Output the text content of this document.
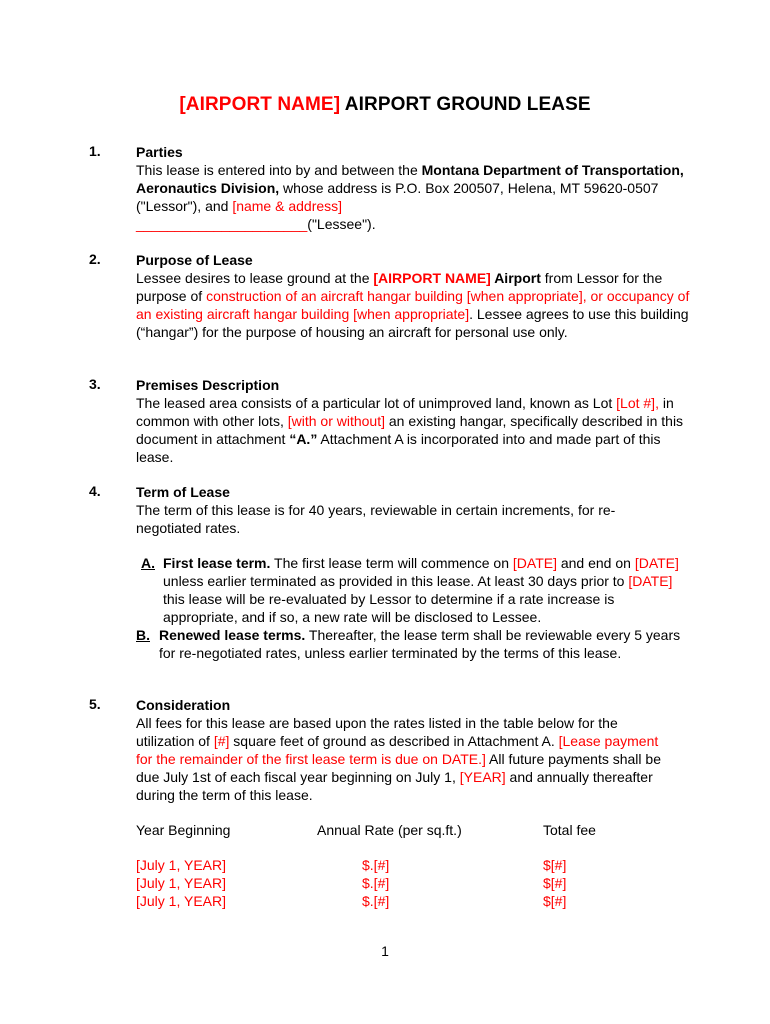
[AIRPORT NAME] AIRPORT GROUND LEASE
1.	Parties
This lease is entered into by and between the Montana Department of Transportation, Aeronautics Division, whose address is P.O. Box 200507, Helena, MT 59620-0507 ("Lessor"), and [name & address]
______________________("Lessee").
2.	Purpose of Lease
Lessee desires to lease ground at the [AIRPORT NAME] Airport from Lessor for the purpose of construction of an aircraft hangar building [when appropriate], or occupancy of an existing aircraft hangar building [when appropriate]. Lessee agrees to use this building (“hangar”) for the purpose of housing an aircraft for personal use only.
3.	Premises Description
The leased area consists of a particular lot of unimproved land, known as Lot [Lot #], in common with other lots, [with or without] an existing hangar, specifically described in this document in attachment “A.” Attachment A is incorporated into and made part of this lease.
4.	Term of Lease
The term of this lease is for 40 years, reviewable in certain increments, for re-negotiated rates.
A. First lease term. The first lease term will commence on [DATE] and end on [DATE] unless earlier terminated as provided in this lease. At least 30 days prior to [DATE] this lease will be re-evaluated by Lessor to determine if a rate increase is appropriate, and if so, a new rate will be disclosed to Lessee.
B. Renewed lease terms. Thereafter, the lease term shall be reviewable every 5 years for re-negotiated rates, unless earlier terminated by the terms of this lease.
5.	Consideration
All fees for this lease are based upon the rates listed in the table below for the utilization of [#] square feet of ground as described in Attachment A. [Lease payment for the remainder of the first lease term is due on DATE.] All future payments shall be due July 1st of each fiscal year beginning on July 1, [YEAR] and annually thereafter during the term of this lease.
Year Beginning	Annual Rate (per sq.ft.)	Total fee
[July 1, YEAR]	$.[#]	$[#]
[July 1, YEAR]	$.[#]	$[#]
[July 1, YEAR]	$.[#]	$[#]
1
